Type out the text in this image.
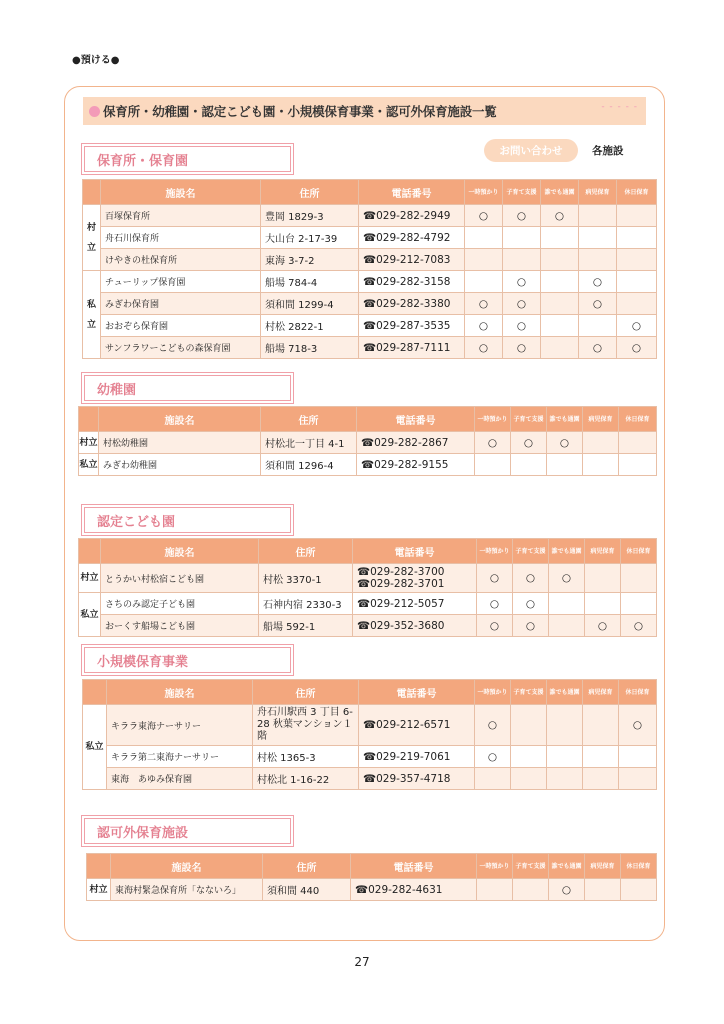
●預ける●
保育所・幼稚園・認定こども園・小規模保育事業・認可外保育施設一覧	- - - - -
保育所・保育園
お問い合わせ	各施設
	施設名	住所	電話番号	一時預かり	子育て支援	誰でも通園	病児保育	休日保育
村立	百塚保育所	豊岡 1829-3	☎029-282-2949	○	○	○		
	舟石川保育所	大山台 2-17-39	☎029-282-4792					

	けやきの杜保育所	東海 3-7-2	☎029-212-7083					

私立	チューリップ保育園	船場 784-4	☎029-282-3158		○		○	
	みぎわ保育園	須和間 1299-4	☎029-282-3380	○	○		○	
	おおぞら保育園	村松 2822-1	☎029-287-3535	○	○			○
	サンフラワーこどもの森保育園	船場 718-3	☎029-287-7111	○	○		○	○
幼稚園
	施設名	住所	電話番号	一時預かり	子育て支援	誰でも通園	病児保育	休日保育
村立	村松幼稚園	村松北一丁目 4-1	☎029-282-2867	○	○	○		
私立	みぎわ幼稚園	須和間 1296-4	☎029-282-9155					

認定こども園
	施設名	住所	電話番号	一時預かり	子育て支援	誰でも通園	病児保育	休日保育
村立	とうかい村松宿こども園	村松 3370-1	☎029-282-3700
☎029-282-3701	○	○	○		
私立	さちのみ認定子ども園	石神内宿 2330-3	☎029-212-5057	○	○			
	おーくす船場こども園	船場 592-1	☎029-352-3680	○	○		○	○
小規模保育事業
	施設名	住所	電話番号	一時預かり	子育て支援	誰でも通園	病児保育	休日保育
私立	キララ東海ナーサリー	舟石川駅西 3 丁目 6-28 秋葉マンション１階	☎029-212-6571	○				○
	キララ第二東海ナーサリー	村松 1365-3	☎029-219-7061	○				
	東海　あゆみ保育園	村松北 1-16-22	☎029-357-4718					

認可外保育施設
	施設名	住所	電話番号	一時預かり	子育て支援	誰でも通園	病児保育	休日保育
村立	東海村緊急保育所「なないろ」	須和間 440	☎029-282-4631			○		
27
